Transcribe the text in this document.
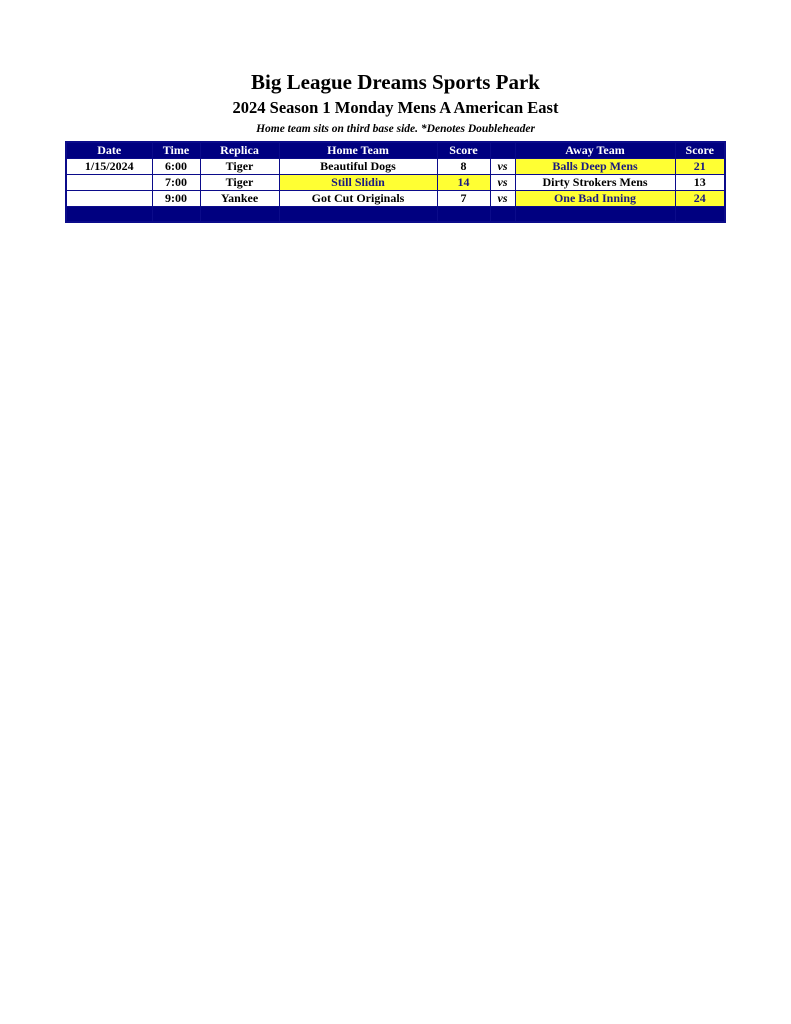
Big League Dreams Sports Park
2024 Season 1 Monday Mens A American East
Home team sits on third base side. *Denotes Doubleheader
Date	Time	Replica	Home Team	Score		Away Team	Score
1/15/2024	6:00	Tiger	Beautiful Dogs	8	vs	Balls Deep Mens	21
	7:00	Tiger	Still Slidin	14	vs	Dirty Strokers Mens	13
	9:00	Yankee	Got Cut Originals	7	vs	One Bad Inning	24
